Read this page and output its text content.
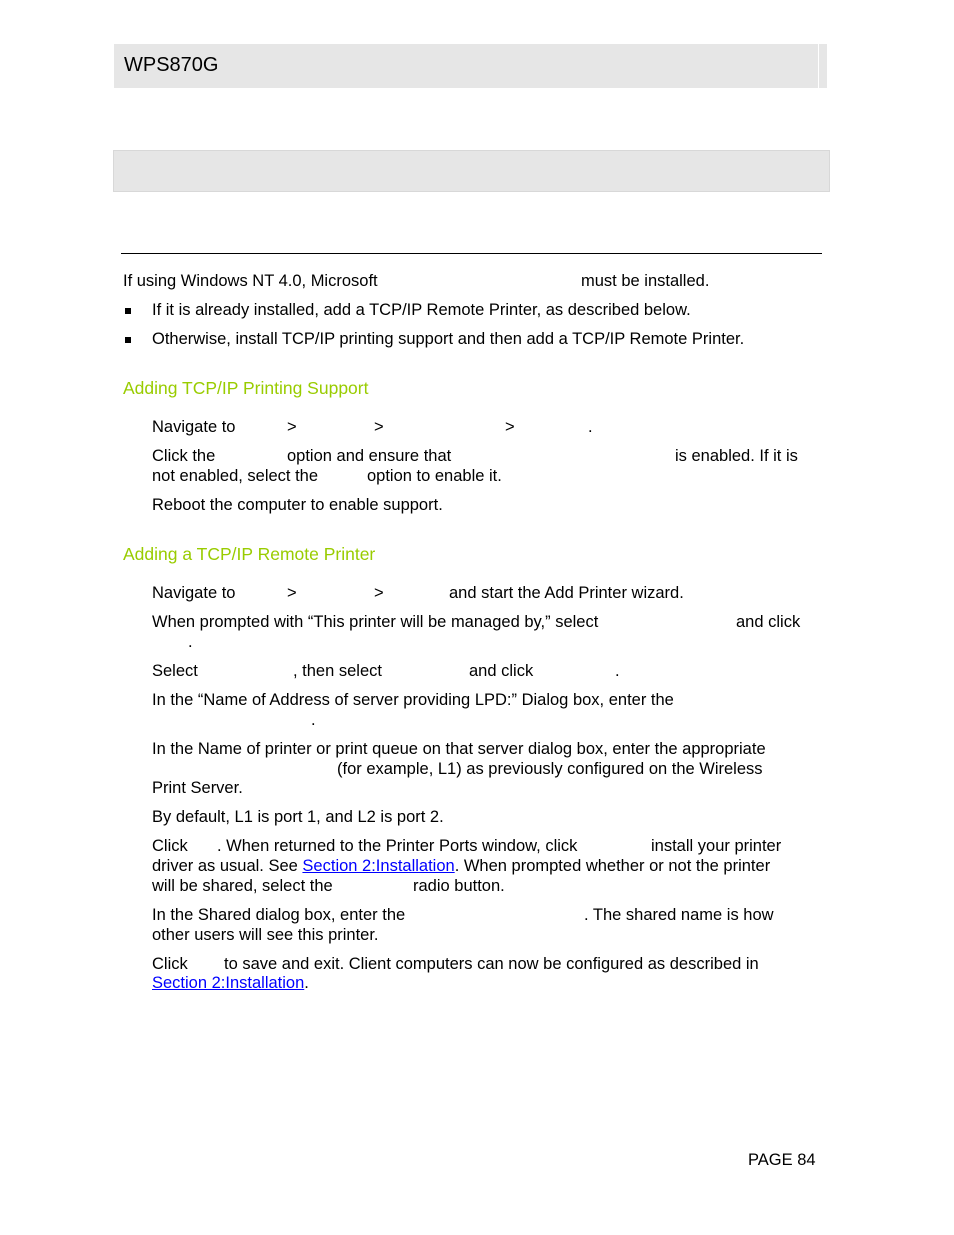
WPS870G
If using Windows NT 4.0, Microsoft	must be installed.
If it is already installed, add a TCP/IP Remote Printer, as described below.
Otherwise, install TCP/IP printing support and then add a TCP/IP Remote Printer.
Adding TCP/IP Printing Support
Navigate to	>	>	>	.
Click the	option and ensure that	is enabled. If it is
not enabled, select the	option to enable it.
Reboot the computer to enable support.
Adding a TCP/IP Remote Printer
Navigate to	>	>	and start the Add Printer wizard.
When prompted with “This printer will be managed by,” select	and click
.
Select	, then select	and click	.
In the “Name of Address of server providing LPD:” Dialog box, enter the
.
In the Name of printer or print queue on that server dialog box, enter the appropriate
(for example, L1) as previously configured on the Wireless
Print Server.
By default, L1 is port 1, and L2 is port 2.
Click . When returned to the Printer Ports window, click	install your printer
driver as usual. See Section 2:Installation. When prompted whether or not the printer
will be shared, select the	radio button.
In the Shared dialog box, enter the	. The shared name is how
other users will see this printer.
Click to save and exit. Client computers can now be configured as described in
Section 2:Installation.
PAGE 84
